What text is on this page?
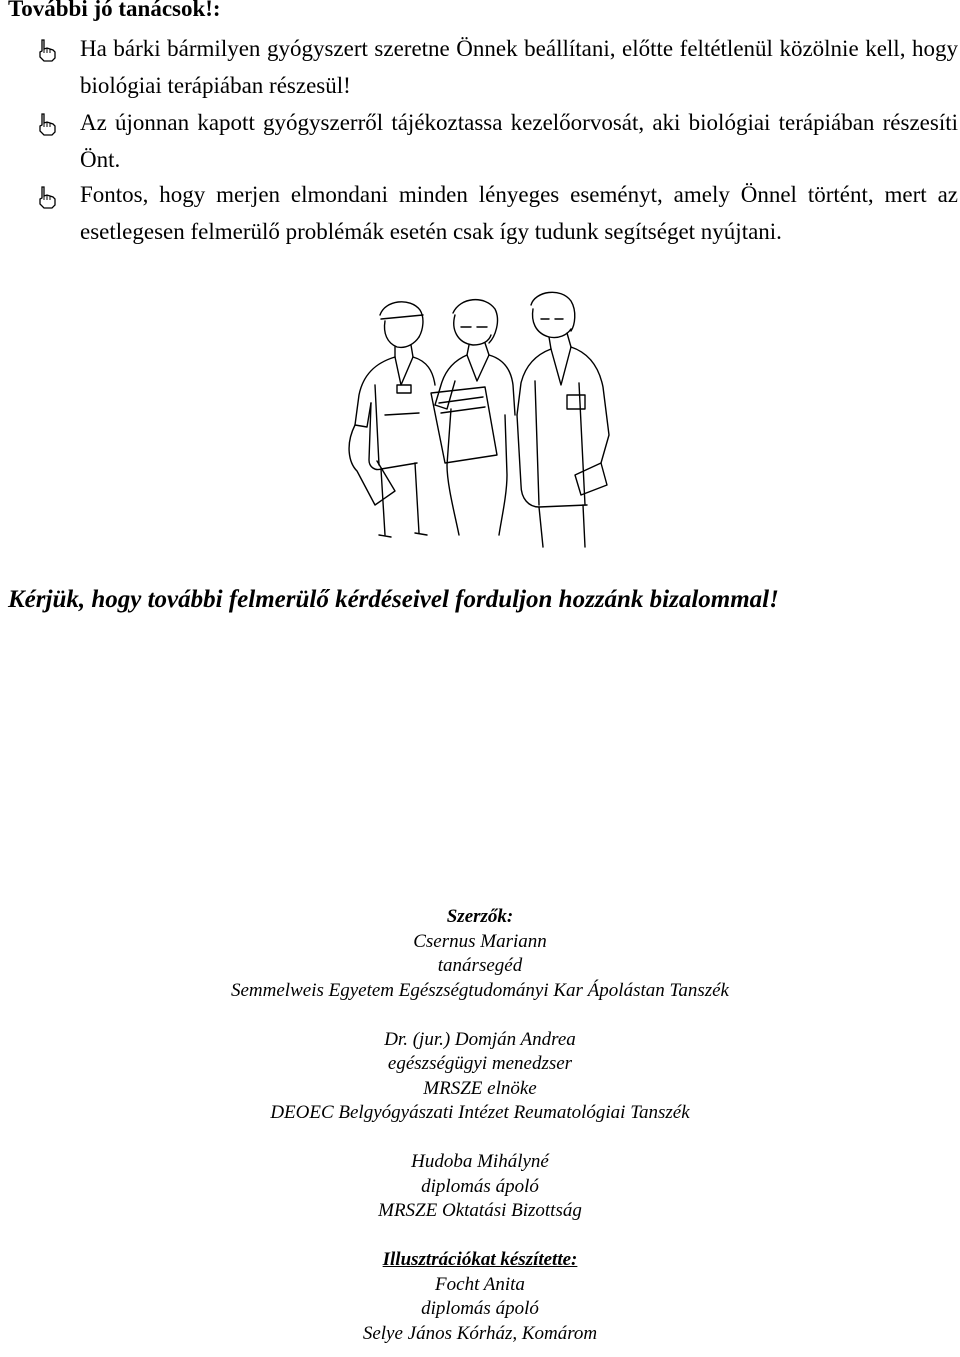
További jó tanácsok!:
Ha bárki bármilyen gyógyszert szeretne Önnek beállítani, előtte feltétlenül közölnie kell, hogy biológiai terápiában részesül!
Az újonnan kapott gyógyszerről tájékoztassa kezelőorvosát, aki biológiai terápiában részesíti Önt.
Fontos, hogy merjen elmondani minden lényeges eseményt, amely Önnel történt, mert az esetlegesen felmerülő problémák esetén csak így tudunk segítséget nyújtani.
Kérjük, hogy további felmerülő kérdéseivel forduljon hozzánk bizalommal!
Szerzők:
Csernus Mariann
tanársegéd
Semmelweis Egyetem Egészségtudományi Kar Ápolástan Tanszék
Dr. (jur.) Domján Andrea
egészségügyi menedzser
MRSZE elnöke
DEOEC Belgyógyászati Intézet Reumatológiai Tanszék
Hudoba Mihályné
diplomás ápoló
MRSZE Oktatási Bizottság
Illusztrációkat készítette:
Focht Anita
diplomás ápoló
Selye János Kórház, Komárom
